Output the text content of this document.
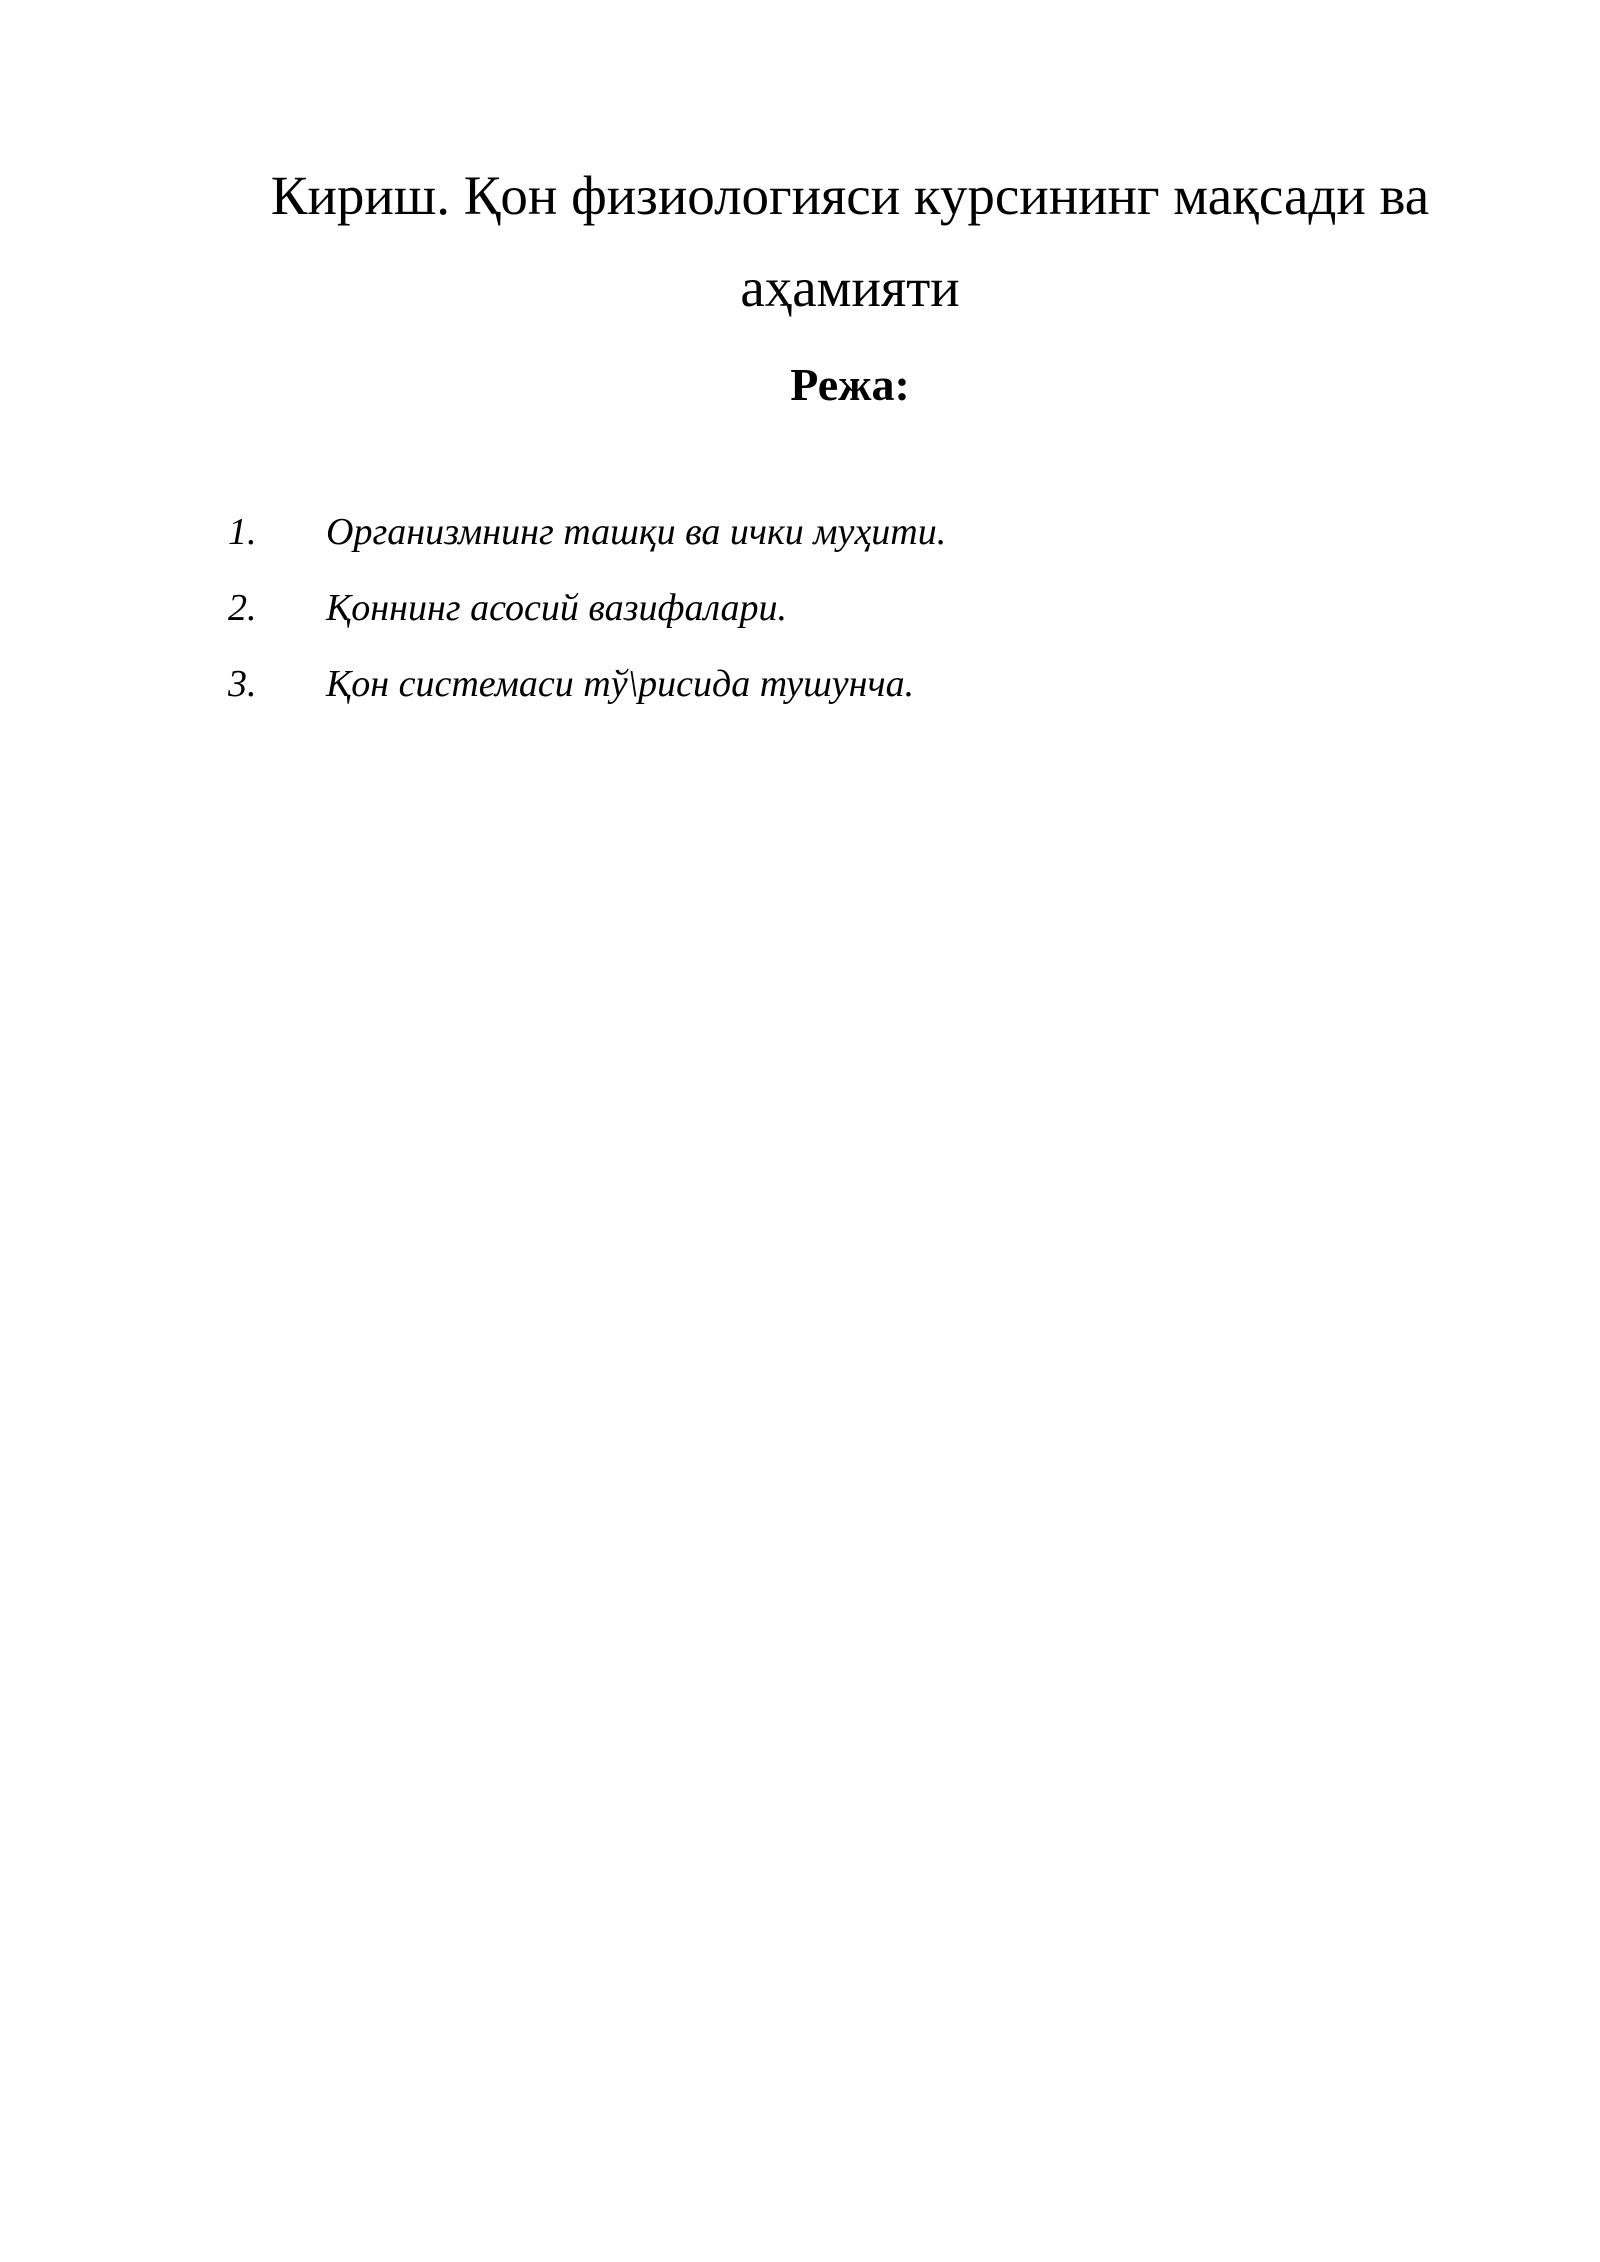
Кириш. Қон физиологияси курсининг мақсади ва аҳамияти
Режа:
1.	Организмнинг ташқи ва ички муҳити.
2.	Қоннинг асосий вазифалари.
3.	Қон системаси тў\рисида тушунча.
